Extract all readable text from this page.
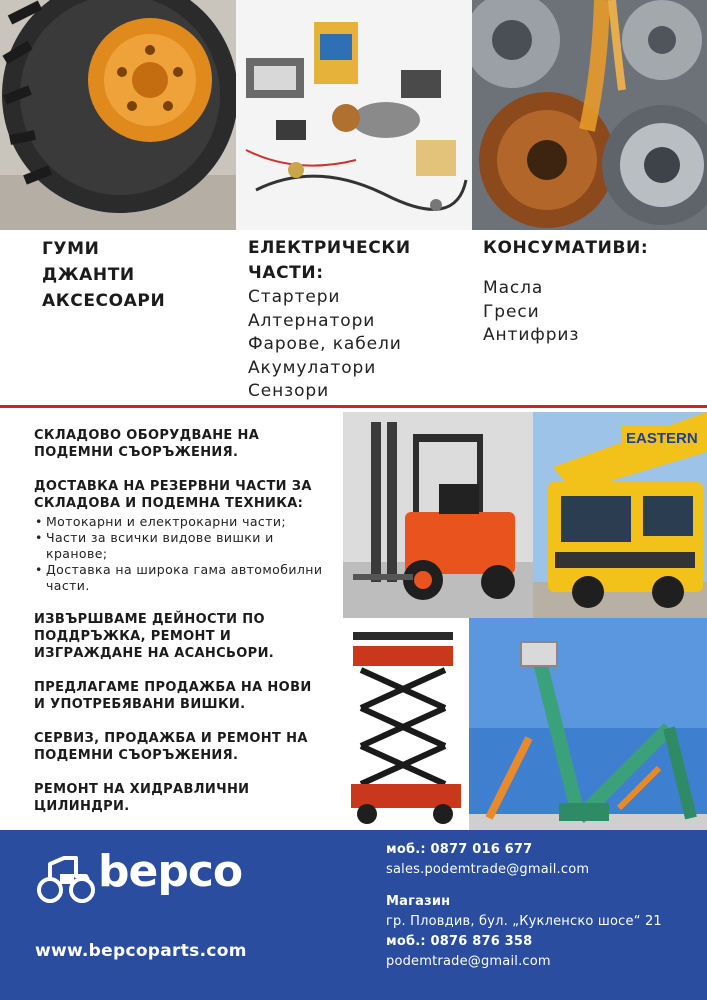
ГУМИ
ДЖАНТИ
АКСЕСОАРИ
ЕЛЕКТРИЧЕСКИ
ЧАСТИ:
Стартери
Алтернатори
Фарове, кабели
Акумулатори
Сензори
КОНСУМАТИВИ:
Масла
Греси
Антифриз
СКЛАДОВО ОБОРУДВАНЕ НА
ПОДЕМНИ СЪОРЪЖЕНИЯ.
ДОСТАВКА НА РЕЗЕРВНИ ЧАСТИ ЗА
СКЛАДОВА И ПОДЕМНА ТЕХНИКА:
• Мотокарни и електрокарни части;
• Части за всички видове вишки и кранове;
• Доставка на широка гама автомобилни части.
ИЗВЪРШВАМЕ ДЕЙНОСТИ ПО
ПОДДРЪЖКА, РЕМОНТ И
ИЗГРАЖДАНЕ НА АСАНСЬОРИ.
ПРЕДЛАГАМЕ ПРОДАЖБА НА НОВИ
И УПОТРЕБЯВАНИ ВИШКИ.
СЕРВИЗ, ПРОДАЖБА И РЕМОНТ НА
ПОДЕМНИ СЪОРЪЖЕНИЯ.
РЕМОНТ НА ХИДРАВЛИЧНИ
ЦИЛИНДРИ.
EASTERN
bepco
www.bepcoparts.com
моб.: 0877 016 677
sales.podemtrade@gmail.com
Магазин
гр. Пловдив, бул. „Кукленско шосе“ 21
моб.: 0876 876 358
podemtrade@gmail.com
